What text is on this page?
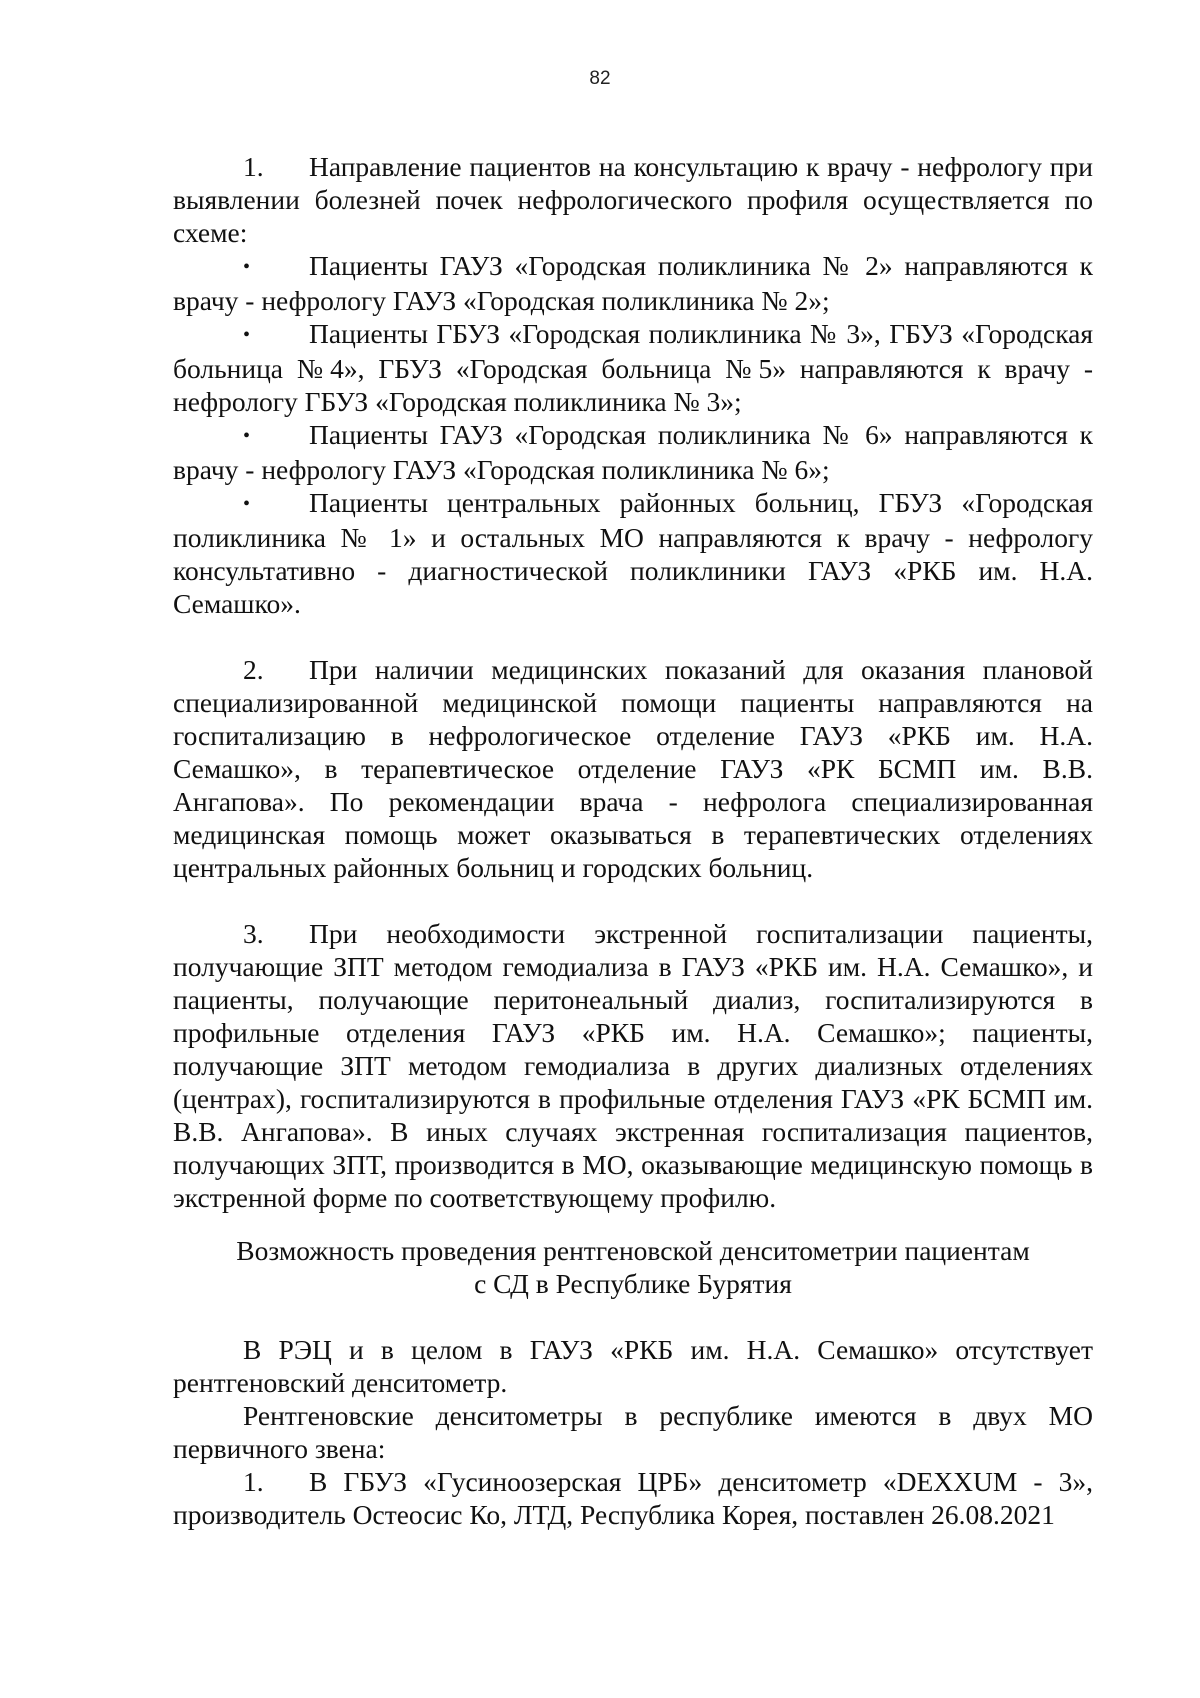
82

1. Направление пациентов на консультацию к врачу - нефрологу при выявлении болезней почек нефрологического профиля осуществляется по схеме:

• Пациенты ГАУЗ «Городская поликлиника № 2» направляются к врачу - нефрологу ГАУЗ «Городская поликлиника № 2»;

• Пациенты ГБУЗ «Городская поликлиника № 3», ГБУЗ «Городская больница №4», ГБУЗ «Городская больница №5» направляются к врачу - нефрологу ГБУЗ «Городская поликлиника № 3»;

• Пациенты ГАУЗ «Городская поликлиника № 6» направляются к врачу - нефрологу ГАУЗ «Городская поликлиника № 6»;

• Пациенты центральных районных больниц, ГБУЗ «Городская поликлиника № 1» и остальных МО направляются к врачу - нефрологу консультативно - диагностической поликлиники ГАУЗ «РКБ им. Н.А. Семашко».

2. При наличии медицинских показаний для оказания плановой специализированной медицинской помощи пациенты направляются на госпитализацию в нефрологическое отделение ГАУЗ «РКБ им. Н.А. Семашко», в терапевтическое отделение ГАУЗ «РК БСМП им. В.В. Ангапова». По рекомендации врача - нефролога специализированная медицинская помощь может оказываться в терапевтических отделениях центральных районных больниц и городских больниц.

3. При необходимости экстренной госпитализации пациенты, получающие ЗПТ методом гемодиализа в ГАУЗ «РКБ им. Н.А. Семашко», и пациенты, получающие перитонеальный диализ, госпитализируются в профильные отделения ГАУЗ «РКБ им. Н.А. Семашко»; пациенты, получающие ЗПТ методом гемодиализа в других диализных отделениях (центрах), госпитализируются в профильные отделения ГАУЗ «РК БСМП им. В.В. Ангапова». В иных случаях экстренная госпитализация пациентов, получающих ЗПТ, производится в МО, оказывающие медицинскую помощь в экстренной форме по соответствующему профилю.

Возможность проведения рентгеновской денситометрии пациентам
с СД в Республике Бурятия

В РЭЦ и в целом в ГАУЗ «РКБ им. Н.А. Семашко» отсутствует рентгеновский денситометр.

Рентгеновские денситометры в республике имеются в двух МО первичного звена:

1. В ГБУЗ «Гусиноозерская ЦРБ» денситометр «DEXXUM - 3», производитель Остеосис Ко, ЛТД, Республика Корея, поставлен 26.08.2021
